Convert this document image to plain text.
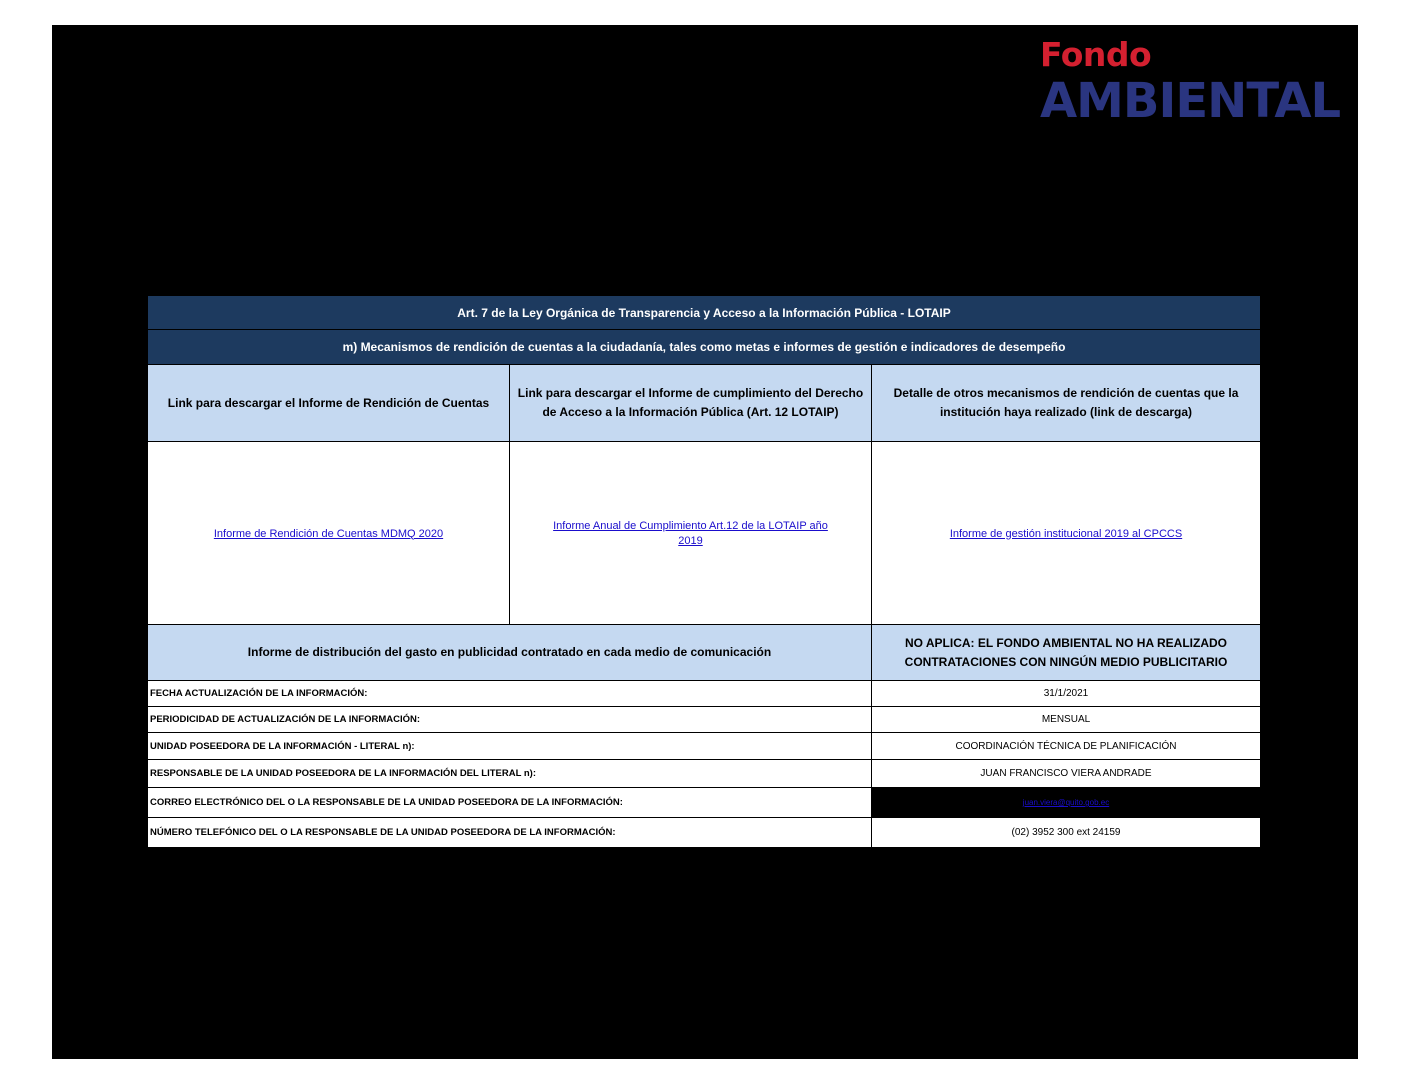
Fondo
AMBIENTAL
Art. 7 de la Ley Orgánica de Transparencia y Acceso a la Información Pública - LOTAIP		
m) Mecanismos de rendición de cuentas a la ciudadanía, tales como metas e informes de gestión e indicadores de desempeño		
Link para descargar el Informe de Rendición de Cuentas	Link para descargar el Informe de cumplimiento del Derecho de Acceso a la Información Pública (Art. 12 LOTAIP)	Detalle de otros mecanismos de rendición de cuentas que la institución haya realizado (link de descarga)
Informe de Rendición de Cuentas MDMQ 2020	Informe Anual de Cumplimiento Art.12 de la LOTAIP año 2019	Informe de gestión institucional 2019 al CPCCS
Informe de distribución del gasto en publicidad contratado en cada medio de comunicación		NO APLICA: EL FONDO AMBIENTAL NO HA REALIZADO CONTRATACIONES CON NINGÚN MEDIO PUBLICITARIO
FECHA ACTUALIZACIÓN DE LA INFORMACIÓN:		31/1/2021
PERIODICIDAD DE ACTUALIZACIÓN DE LA INFORMACIÓN:		MENSUAL
UNIDAD POSEEDORA DE LA INFORMACIÓN - LITERAL n):		COORDINACIÓN TÉCNICA DE PLANIFICACIÓN
RESPONSABLE DE LA UNIDAD POSEEDORA DE LA INFORMACIÓN DEL LITERAL n):		JUAN FRANCISCO VIERA ANDRADE
CORREO ELECTRÓNICO DEL O LA RESPONSABLE DE LA UNIDAD POSEEDORA DE LA INFORMACIÓN:		juan.viera@quito.gob.ec
NÚMERO TELEFÓNICO DEL O LA RESPONSABLE DE LA UNIDAD POSEEDORA DE LA INFORMACIÓN:		(02) 3952 300 ext 24159
